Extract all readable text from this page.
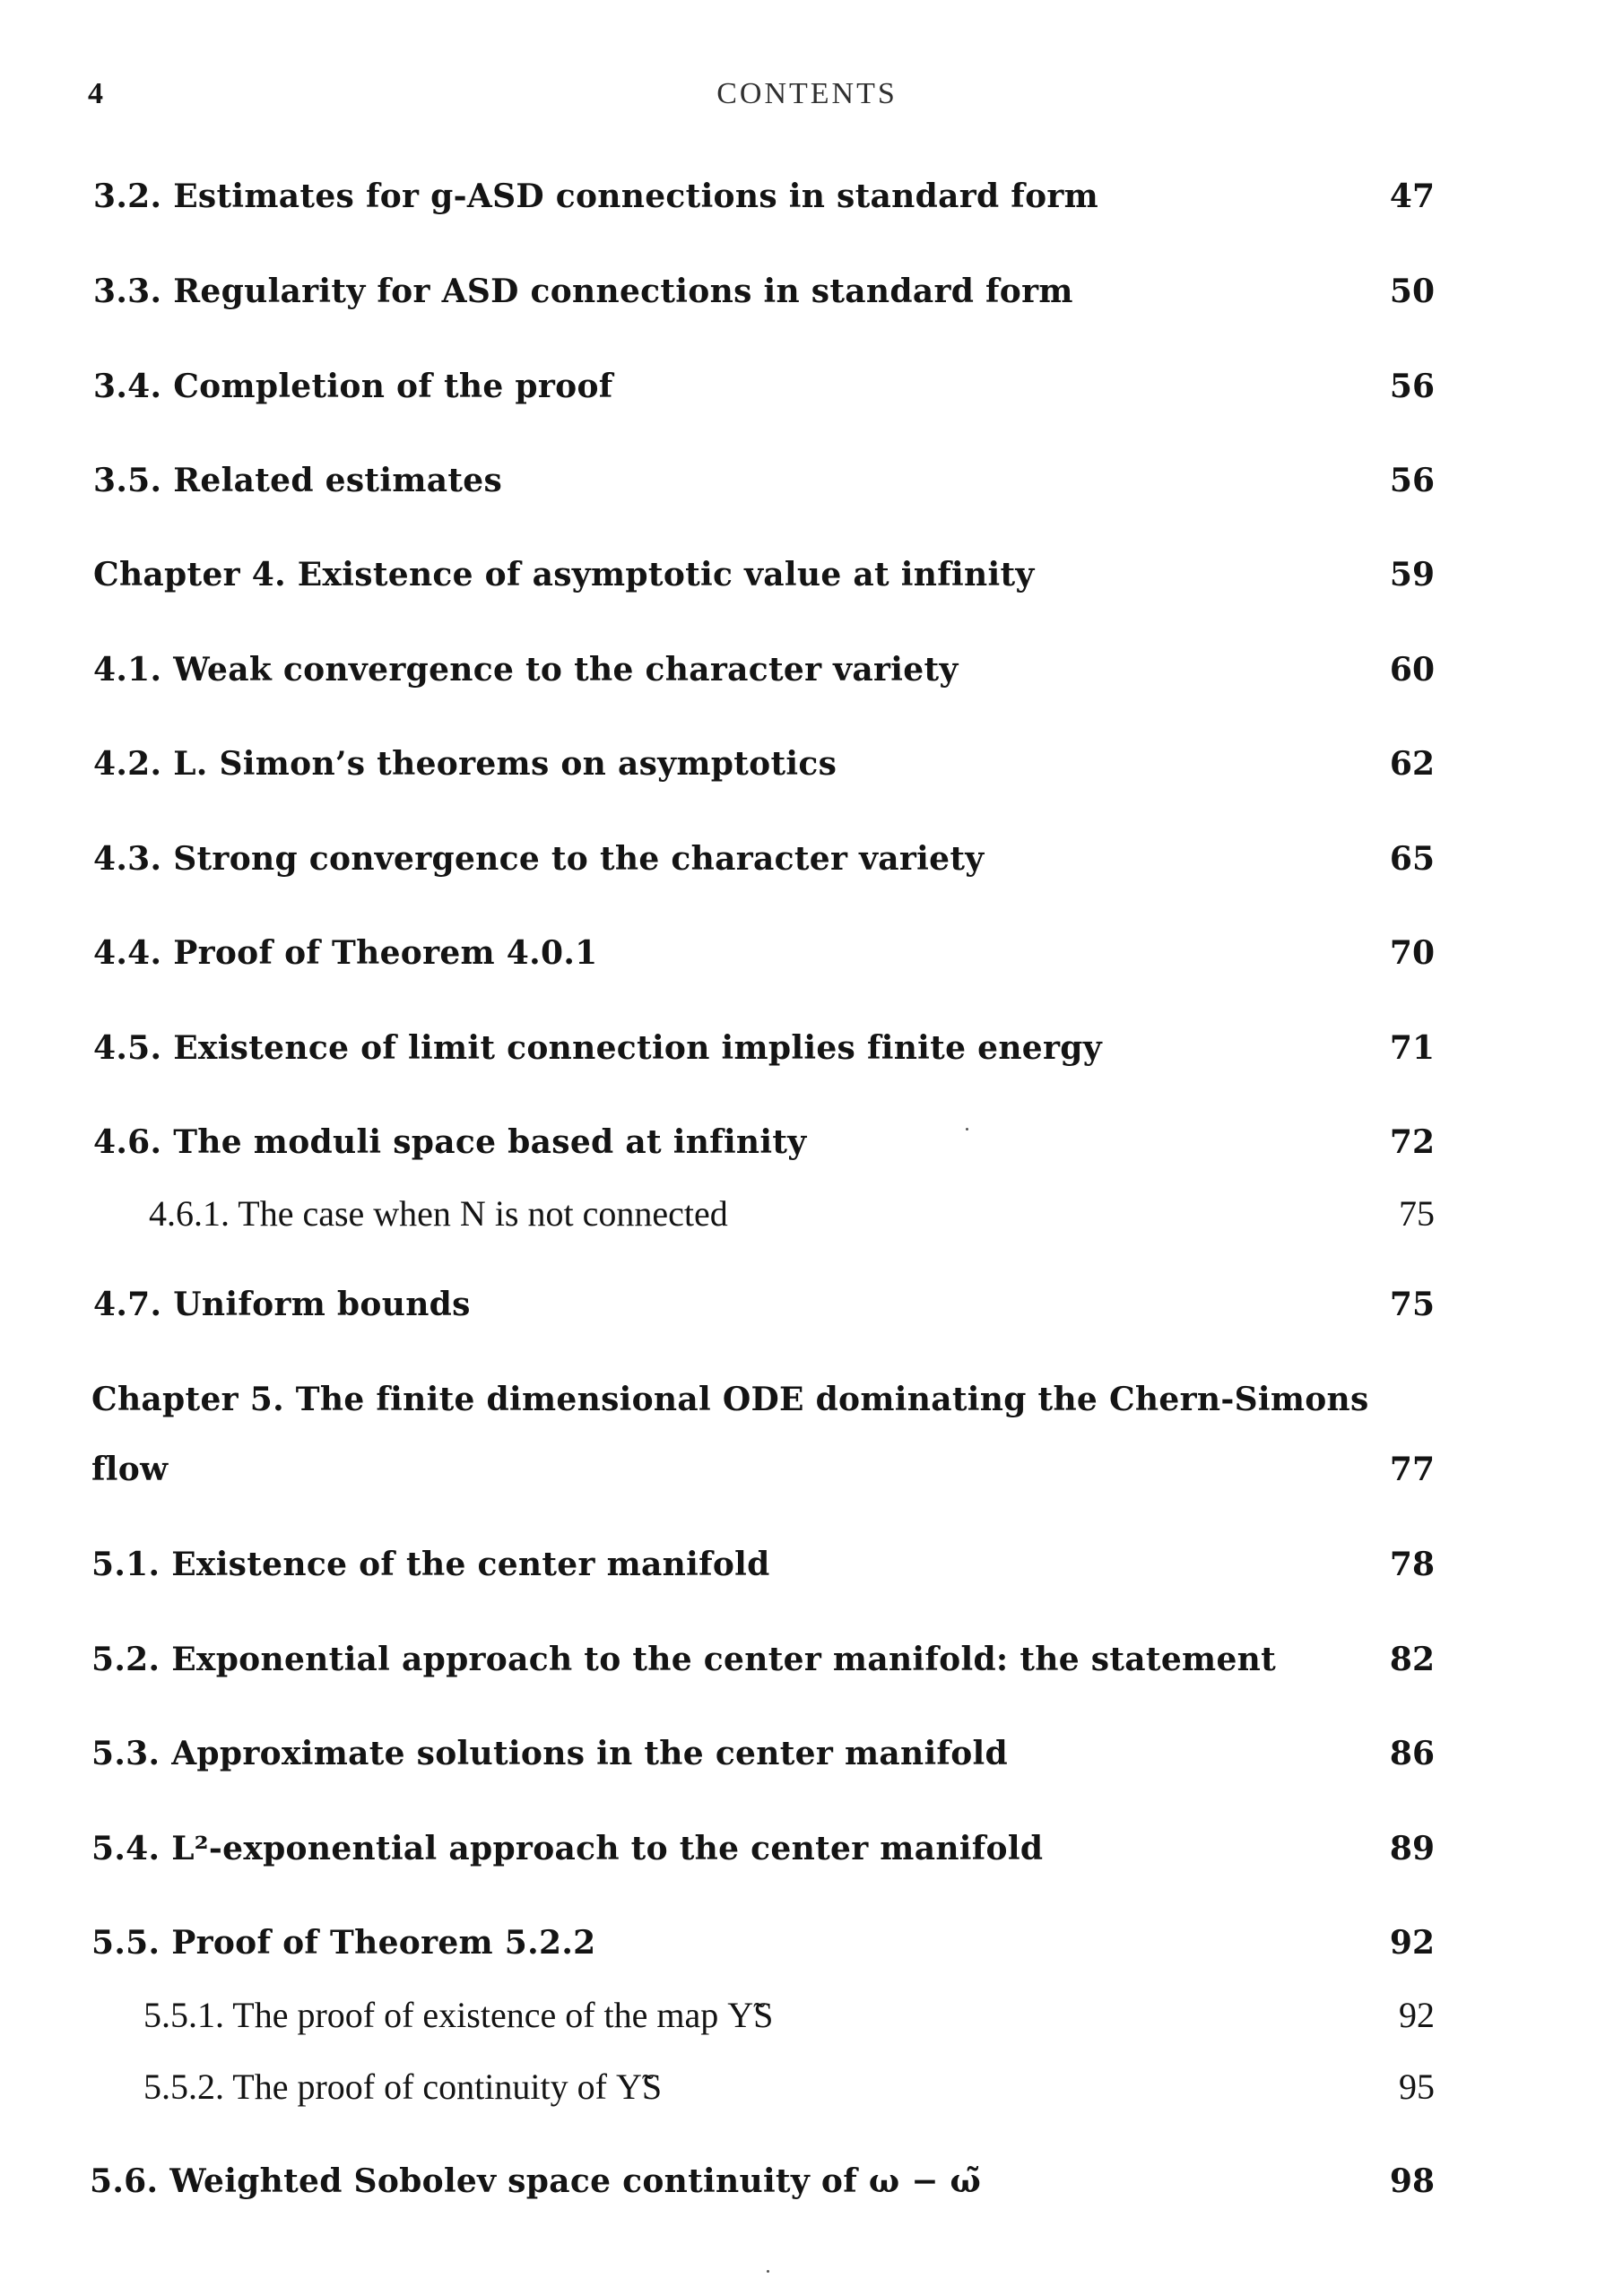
4	CONTENTS
3.2. Estimates for g-ASD connections in standard form	47
3.3. Regularity for ASD connections in standard form	50
3.4. Completion of the proof	56
3.5. Related estimates	56
Chapter 4. Existence of asymptotic value at infinity	59
4.1. Weak convergence to the character variety	60
4.2. L. Simon’s theorems on asymptotics	62
4.3. Strong convergence to the character variety	65
4.4. Proof of Theorem 4.0.1	70
4.5. Existence of limit connection implies finite energy	71
4.6. The moduli space based at infinity	72
4.6.1. The case when N is not connected	75
4.7. Uniform bounds	75
Chapter 5. The finite dimensional ODE dominating the Chern-Simons
flow	77
5.1. Existence of the center manifold	78
5.2. Exponential approach to the center manifold: the statement	82
5.3. Approximate solutions in the center manifold	86
5.4. L²-exponential approach to the center manifold	89
5.5. Proof of Theorem 5.2.2	92
5.5.1. The proof of existence of the map Υ̃S	92
5.5.2. The proof of continuity of Υ̃S	95
5.6. Weighted Sobolev space continuity of ω − ω̃	98
